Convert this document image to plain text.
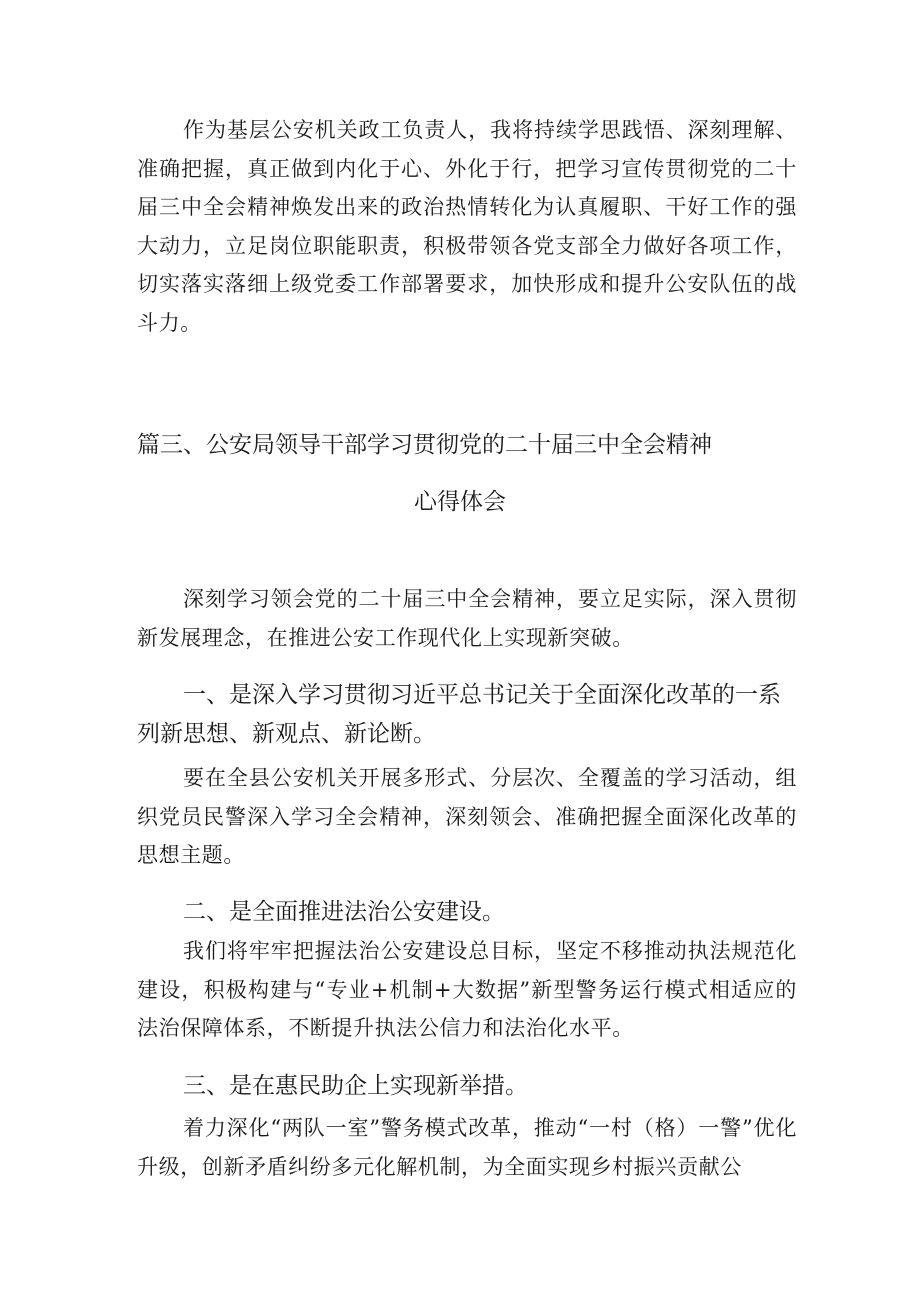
作为基层公安机关政工负责人，我将持续学思践悟、深刻理解、准确把握，真正做到内化于心、外化于行，把学习宣传贯彻党的二十届三中全会精神焕发出来的政治热情转化为认真履职、干好工作的强大动力，立足岗位职能职责，积极带领各党支部全力做好各项工作，切实落实落细上级党委工作部署要求，加快形成和提升公安队伍的战斗力。

篇三、公安局领导干部学习贯彻党的二十届三中全会精神
心得体会

深刻学习领会党的二十届三中全会精神，要立足实际，深入贯彻新发展理念，在推进公安工作现代化上实现新突破。

一、是深入学习贯彻习近平总书记关于全面深化改革的一系列新思想、新观点、新论断。

要在全县公安机关开展多形式、分层次、全覆盖的学习活动，组织党员民警深入学习全会精神，深刻领会、准确把握全面深化改革的思想主题。

二、是全面推进法治公安建设。

我们将牢牢把握法治公安建设总目标，坚定不移推动执法规范化建设，积极构建与“专业+机制+大数据”新型警务运行模式相适应的法治保障体系，不断提升执法公信力和法治化水平。

三、是在惠民助企上实现新举措。

着力深化“两队一室”警务模式改革，推动“一村（格）一警”优化升级，创新矛盾纠纷多元化解机制，为全面实现乡村振兴贡献公
